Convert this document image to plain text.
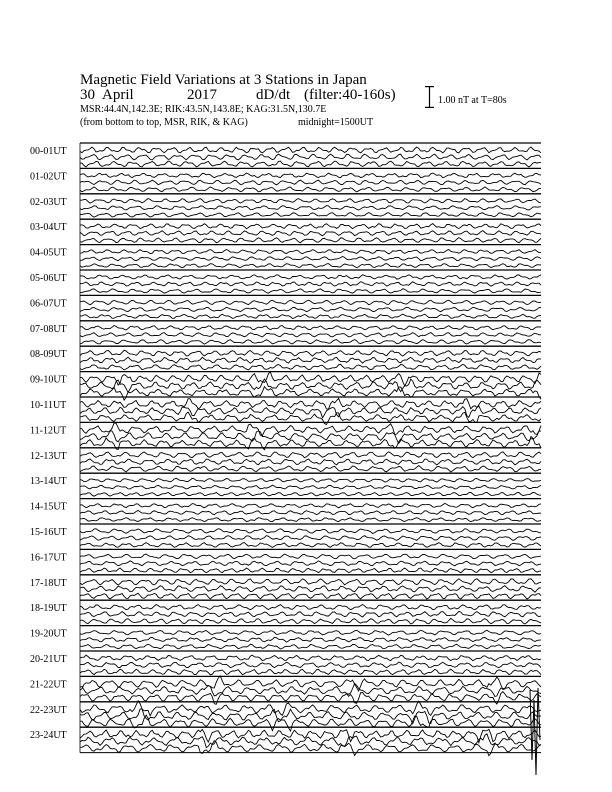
Magnetic Field Variations at 3 Stations in Japan
30 April	2017	dD/dt (filter:40-160s)
MSR:44.4N,142.3E; RIK:43.5N,143.8E; KAG:31.5N,130.7E
(from bottom to top, MSR, RIK, & KAG)	midnight=1500UT
1.00 nT at T=80s
00-01UT
01-02UT
02-03UT
03-04UT
04-05UT
05-06UT
06-07UT
07-08UT
08-09UT
09-10UT
10-11UT
11-12UT
12-13UT
13-14UT
14-15UT
15-16UT
16-17UT
17-18UT
18-19UT
19-20UT
20-21UT
21-22UT
22-23UT
23-24UT
